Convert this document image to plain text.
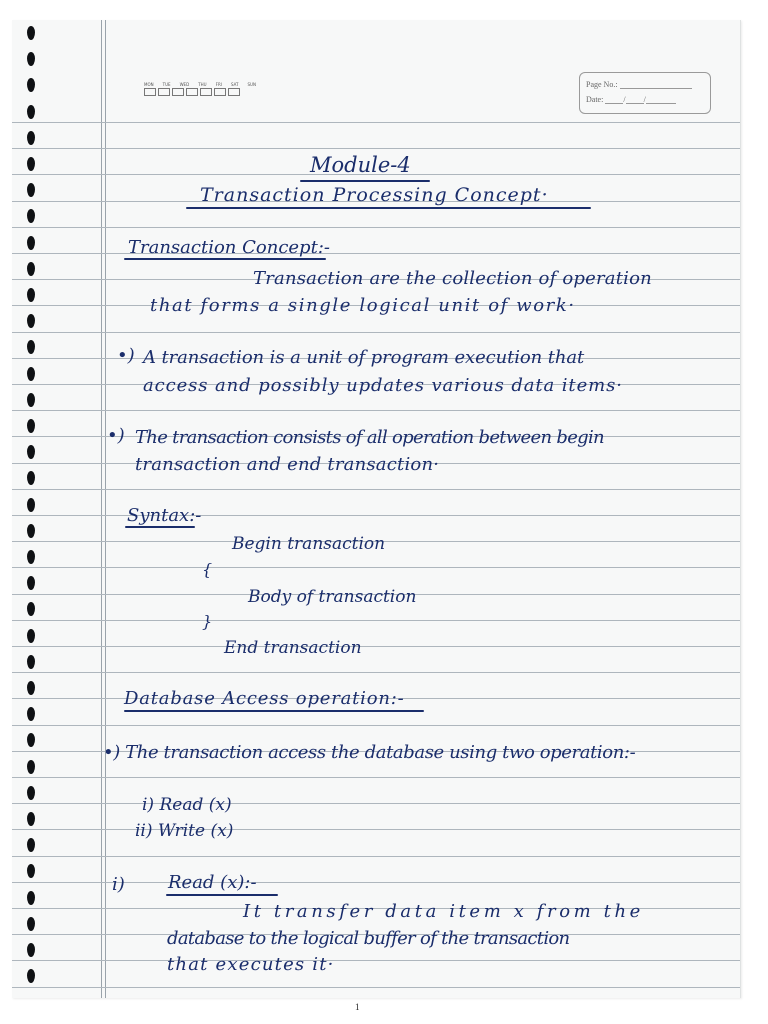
MON TUE WED THU FRI SAT SUN	Page No.:
Date:	/ /
Module-4
Transaction Processing Concept·
Transaction Concept:-
Transaction are the collection of operation
that forms a single logical unit of work·
•) A transaction is a unit of program execution that
access and possibly updates various data items·
•) The transaction consists of all operation between begin
transaction and end transaction·
Syntax:-
Begin transaction
{
Body of transaction
}
End transaction
Database Access operation:-
•) The transaction access the database using two operation:-
i) Read (x)
ii) Write (x)
i) Read (x):-
It transfer data item x from the
database to the logical buffer of the transaction
that executes it·
1
